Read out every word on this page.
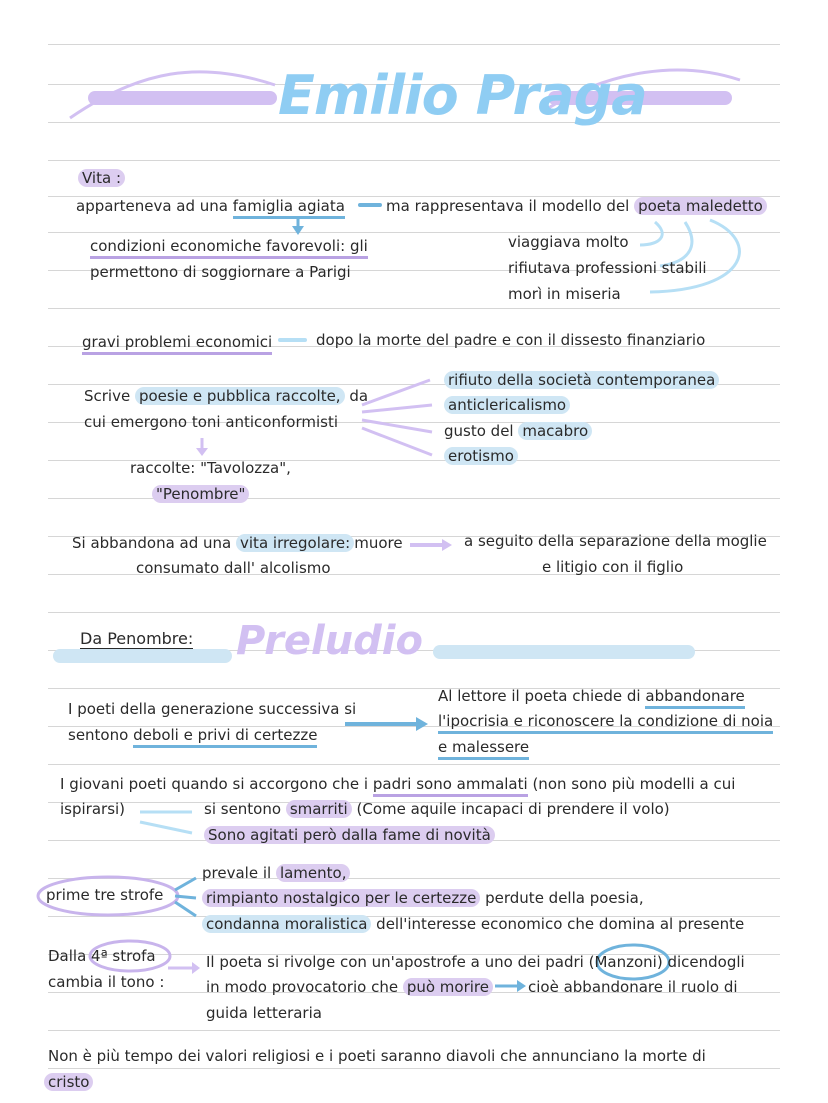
Emilio Praga
Vita :
apparteneva ad una famiglia agiata	ma rappresentava il modello del poeta maledetto
condizioni economiche favorevoli: gli
permettono di soggiornare a Parigi
viaggiava molto
rifiutava professioni stabili
morì in miseria
gravi problemi economici	dopo la morte del padre e con il dissesto finanziario
Scrive poesie e pubblica raccolte, da
cui emergono toni anticonformisti
rifiuto della società contemporanea
anticlericalismo
gusto del macabro
erotismo
raccolte: "Tavolozza",
"Penombre"
Si abbandona ad una vita irregolare: muore
consumato dall' alcolismo
a seguito della separazione della moglie
e litigio con il figlio
Da Penombre: Preludio
I poeti della generazione successiva si
sentono deboli e privi di certezze
Al lettore il poeta chiede di abbandonare
l'ipocrisia e riconoscere la condizione di noia
e malessere
I giovani poeti quando si accorgono che i padri sono ammalati (non sono più modelli a cui
ispirarsi)	si sentono smarriti (Come aquile incapaci di prendere il volo)
Sono agitati però dalla fame di novità
prime tre strofe
prevale il lamento,
rimpianto nostalgico per le certezze perdute della poesia,
condanna moralistica dell'interesse economico che domina al presente
Dalla 4ª strofa
cambia il tono :
Il poeta si rivolge con un'apostrofe a uno dei padri (Manzoni) dicendogli
in modo provocatorio che può morire	cioè abbandonare il ruolo di
guida letteraria
Non è più tempo dei valori religiosi e i poeti saranno diavoli che annunciano la morte di
cristo
